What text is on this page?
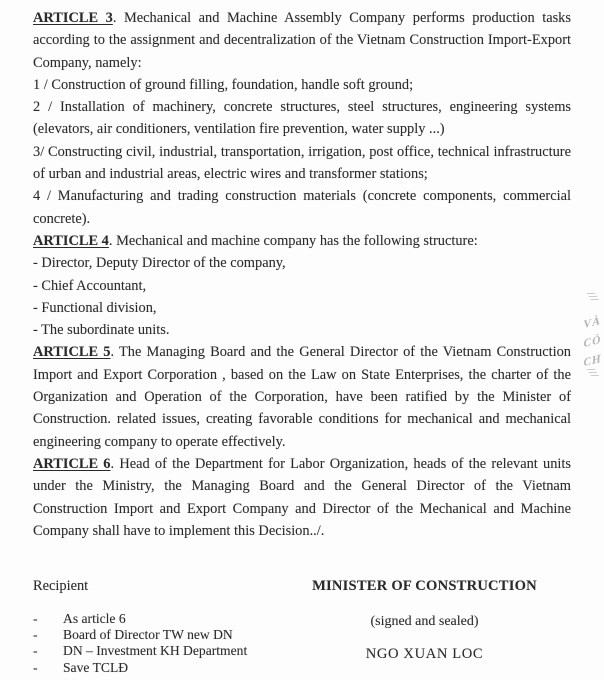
ARTICLE 3. Mechanical and Machine Assembly Company performs production tasks according to the assignment and decentralization of the Vietnam Construction Import-Export Company, namely:

1 / Construction of ground filling, foundation, handle soft ground;

2 / Installation of machinery, concrete structures, steel structures, engineering systems (elevators, air conditioners, ventilation fire prevention, water supply ...)

3/ Constructing civil, industrial, transportation, irrigation, post office, technical infrastructure of urban and industrial areas, electric wires and transformer stations;

4 / Manufacturing and trading construction materials (concrete components, commercial concrete).

ARTICLE 4. Mechanical and machine company has the following structure:

- Director, Deputy Director of the company,

- Chief Accountant,

- Functional division,

- The subordinate units.

ARTICLE 5. The Managing Board and the General Director of the Vietnam Construction Import and Export Corporation , based on the Law on State Enterprises, the charter of the Organization and Operation of the Corporation, have been ratified by the Minister of Construction. related issues, creating favorable conditions for mechanical and mechanical engineering company to operate effectively.

ARTICLE 6. Head of the Department for Labor Organization, heads of the relevant units under the Ministry, the Managing Board and the General Director of the Vietnam Construction Import and Export Company and Director of the Mechanical and Machine Company shall have to implement this Decision../.

Recipient
-	As article 6
-	Board of Director TW new DN
-	DN – Investment KH Department
-	Save TCLĐ
MINISTER OF CONSTRUCTION
(signed and sealed)
NGO XUAN LOC
///
VÀ
CÓ
CH
///
